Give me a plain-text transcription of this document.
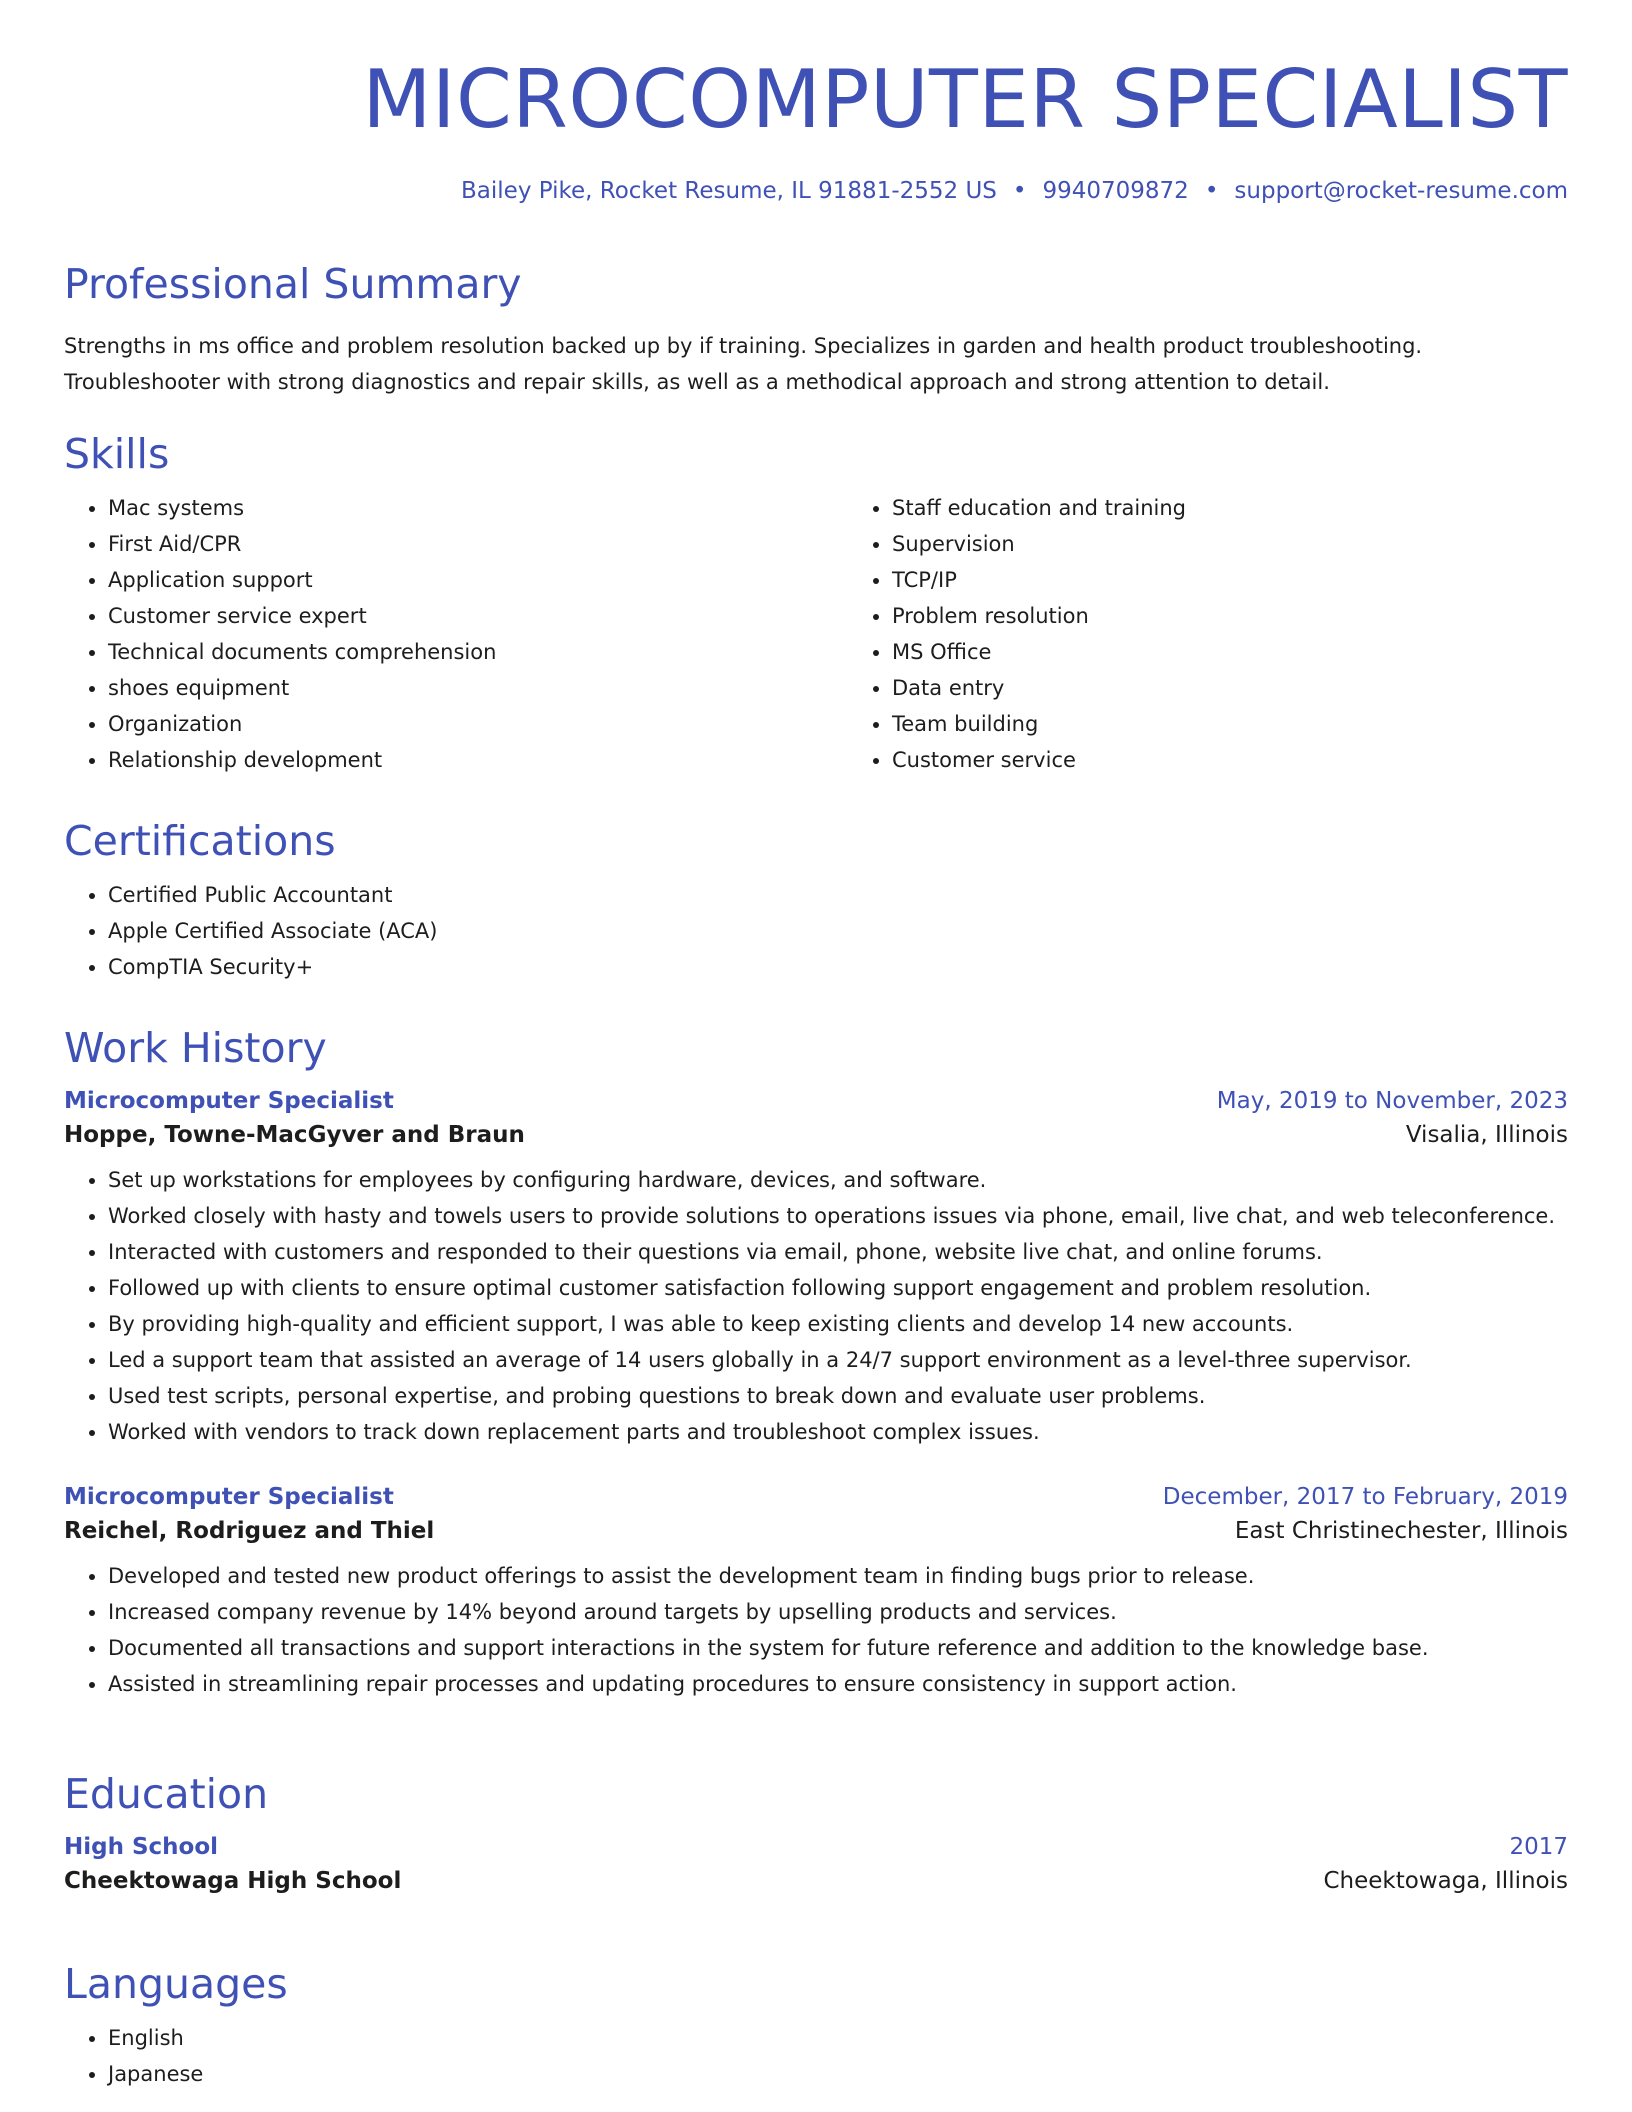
MICROCOMPUTER SPECIALIST
Bailey Pike, Rocket Resume, IL 91881-2552 US • 9940709872 • support@rocket-resume.com
Professional Summary

Strengths in ms office and problem resolution backed up by if training. Specializes in garden and health product troubleshooting.

Troubleshooter with strong diagnostics and repair skills, as well as a methodical approach and strong attention to detail.

Skills
• Mac systems
• First Aid/CPR
• Application support
• Customer service expert
• Technical documents comprehension
• shoes equipment
• Organization
• Relationship development
• Staff education and training
• Supervision
• TCP/IP
• Problem resolution
• MS Office
• Data entry
• Team building
• Customer service
Certifications
• Certified Public Accountant
• Apple Certified Associate (ACA)
• CompTIA Security+
Work History
Microcomputer Specialist	May, 2019 to November, 2023
Hoppe, Towne-MacGyver and Braun	Visalia, Illinois
• Set up workstations for employees by configuring hardware, devices, and software.
• Worked closely with hasty and towels users to provide solutions to operations issues via phone, email, live chat, and web teleconference.
• Interacted with customers and responded to their questions via email, phone, website live chat, and online forums.
• Followed up with clients to ensure optimal customer satisfaction following support engagement and problem resolution.
• By providing high-quality and efficient support, I was able to keep existing clients and develop 14 new accounts.
• Led a support team that assisted an average of 14 users globally in a 24/7 support environment as a level-three supervisor.
• Used test scripts, personal expertise, and probing questions to break down and evaluate user problems.
• Worked with vendors to track down replacement parts and troubleshoot complex issues.
Microcomputer Specialist	December, 2017 to February, 2019
Reichel, Rodriguez and Thiel	East Christinechester, Illinois
• Developed and tested new product offerings to assist the development team in finding bugs prior to release.
• Increased company revenue by 14% beyond around targets by upselling products and services.
• Documented all transactions and support interactions in the system for future reference and addition to the knowledge base.
• Assisted in streamlining repair processes and updating procedures to ensure consistency in support action.
Education
High School	2017
Cheektowaga High School	Cheektowaga, Illinois
Languages
• English
• Japanese
